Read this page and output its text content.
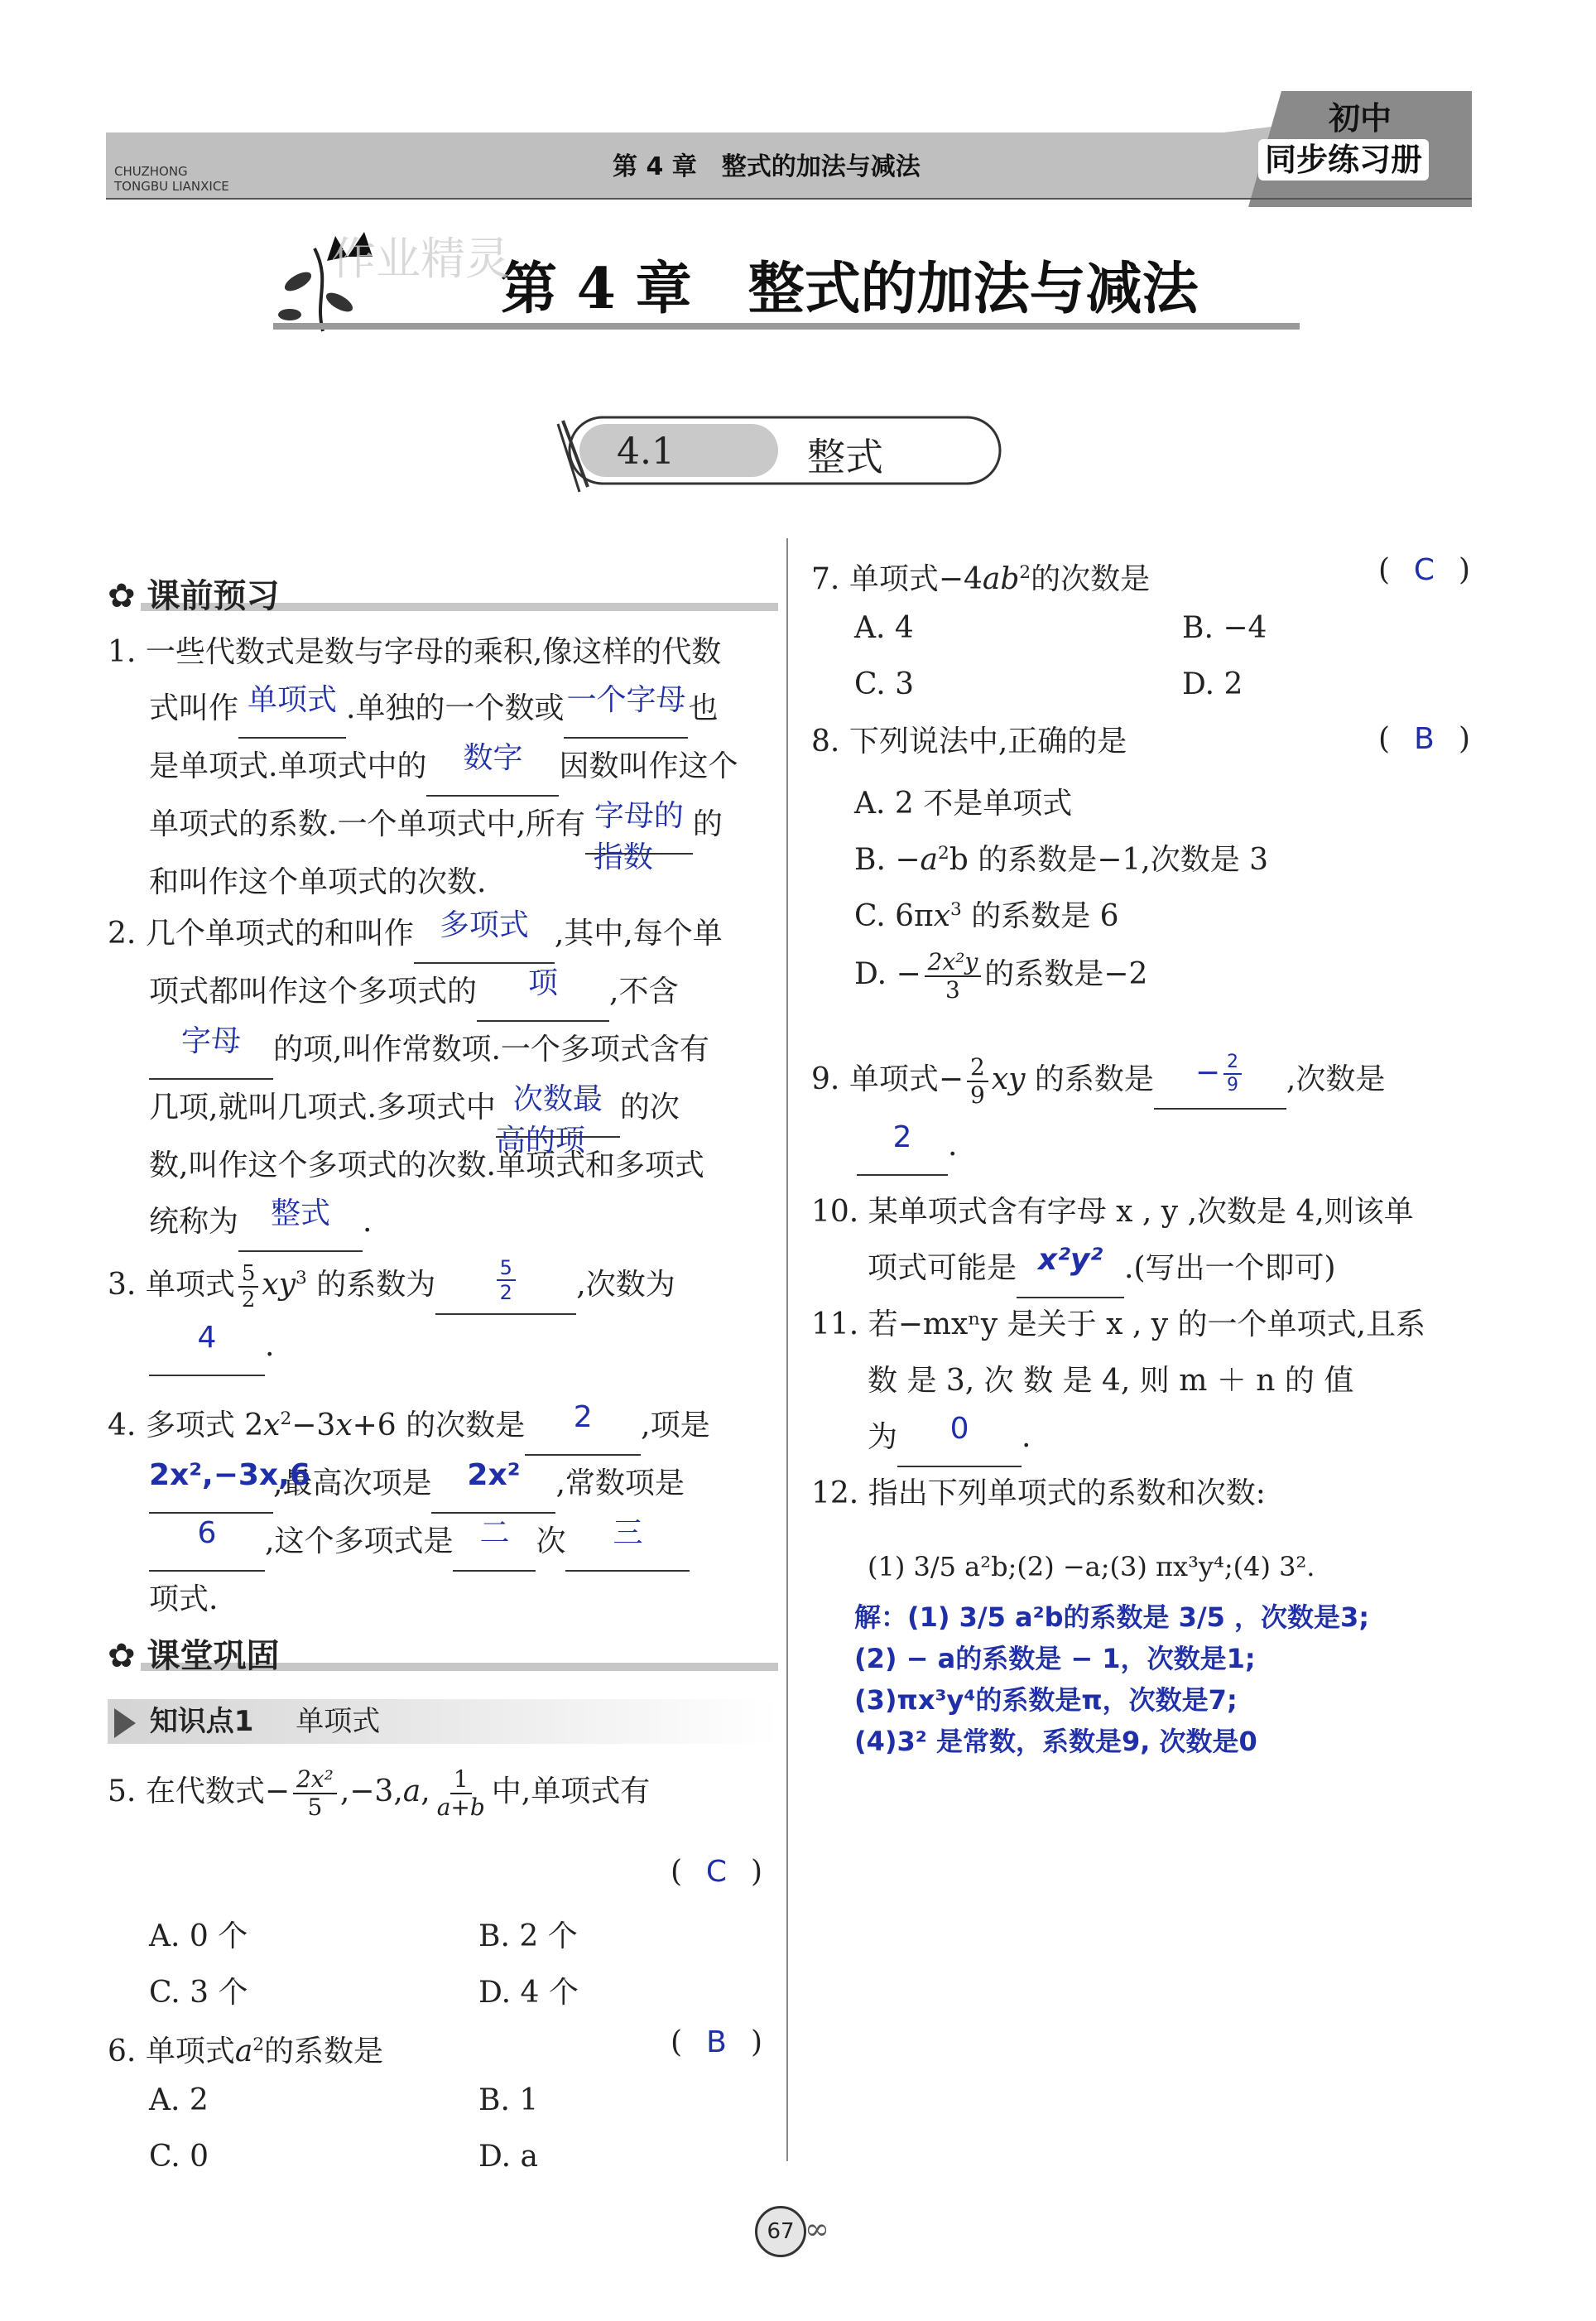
CHUZHONG
TONGBU LIANXICE
第 4 章　整式的加法与减法
初中
同步练习册
第 4 章　整式的加法与减法
作业精灵
4.1	整式
✿ 课前预习
1. 一些代数式是数与字母的乘积,像这样的代数
式叫作 单项式 .单独的一个数或一个字母也
是单项式.单项式中的 数字 因数叫作这个
单项式的系数.一个单项式中,所有 字母的
指数
的
和叫作这个单项式的次数.
2. 几个单项式的和叫作 多项式 ,其中,每个单
项式都叫作这个多项式的 项 ,不含
字母 的项,叫作常数项.一个多项式含有
几项,就叫几项式.多项式中 次数最
高的项
的次
数,叫作这个多项式的次数.单项式和多项式
统称为 整式 .
3. 单项式 $\frac{5}{2} xy^3$ 的系数为	$\frac{5}{2}$ ,次数为
4 .
4. 多项式 $2x^2-3x+6$ 的次数是 2 ,项是
2x²,−3x,6,最高次项是 2x² ,常数项是
6 ,这个多项式是 二 次 三
项式.
✿ 课堂巩固
知识点1 单项式
5. 在代数式− $\frac{\text{2x²}}{5} ,-3,a$, $\frac{1}{a+b}$ 中,单项式有
( C )
A. 0 个	B. 2 个
C. 3 个	D. 4 个
6. 单项式$a^2$的系数是	( B )
A. 2	B. 1
C. 0	D. a
7. 单项式$-4ab^2$的次数是	( C )
A. 4	B. −4
C. 3	D. 2
8. 下列说法中,正确的是	( B )
A. 2 不是单项式
B. $-a^2b$ 的系数是−1,次数是 3
C. $6\pi x^3$ 的系数是 6
D. − $\frac{\text{2x²y}}{3}$ 的系数是−2
9. 单项式− $\frac{2}{9}$ xy 的系数是 − $\frac{2}{9}$ ,次数是
2 .
10. 某单项式含有字母 x , y ,次数是 4,则该单
项式可能是 x²y² .(写出一个即可)
11. 若−mxⁿy 是关于 x , y 的一个单项式,且系
数 是 3, 次 数 是 4, 则 m ＋ n 的 值
为 0 .
12. 指出下列单项式的系数和次数:
(1) 3/5 a²b;(2) −a;(3) πx³y⁴;(4) 3².
解：(1) 3/5 a²b的系数是 3/5 ，次数是3;
(2) − a的系数是 − 1，次数是1;
(3)πx³y⁴的系数是π，次数是7;
(4)3² 是常数，系数是9, 次数是0
67 ∞
